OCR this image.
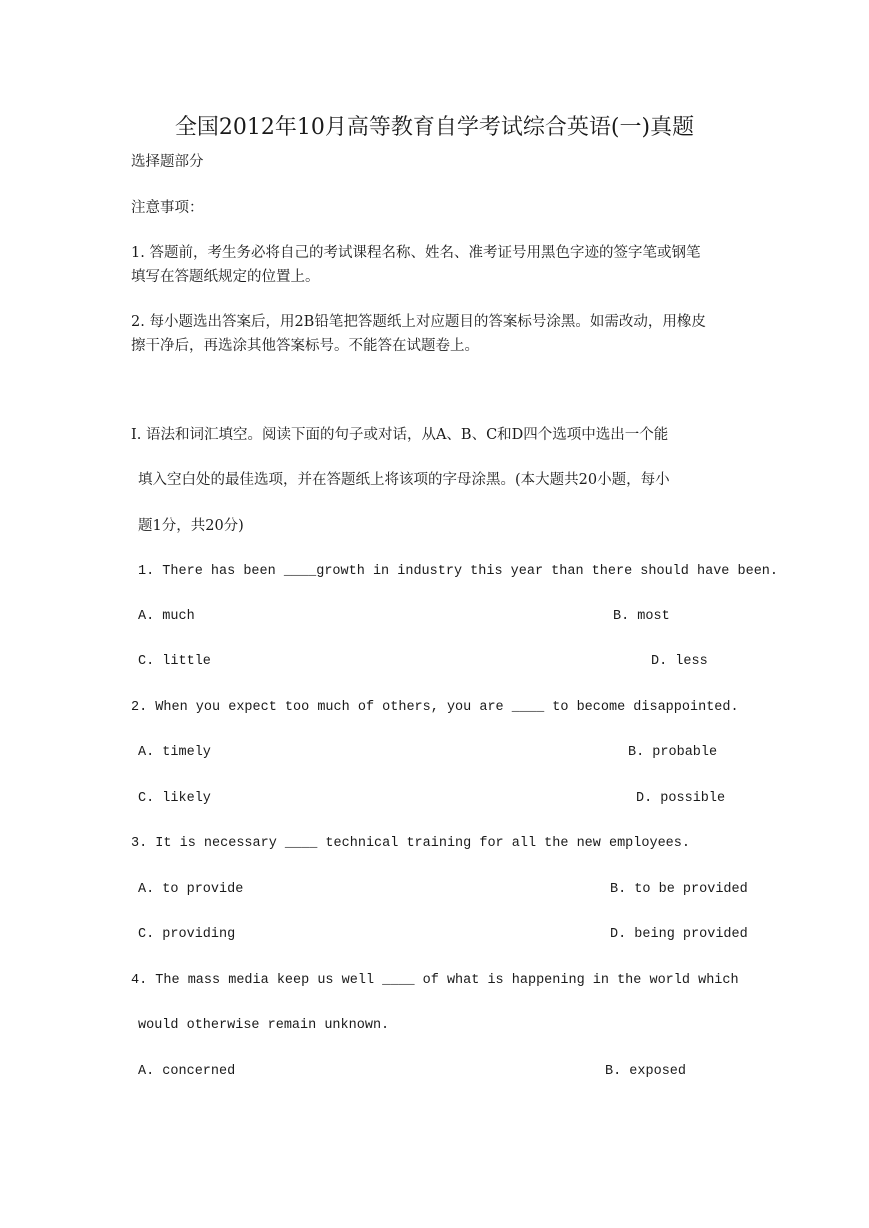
全国2012年10月高等教育自学考试综合英语(一)真题
选择题部分
注意事项：
1. 答题前，考生务必将自己的考试课程名称、姓名、准考证号用黑色字迹的签字笔或钢笔
填写在答题纸规定的位置上。
2. 每小题选出答案后，用2B铅笔把答题纸上对应题目的答案标号涂黑。如需改动，用橡皮
擦干净后，再选涂其他答案标号。不能答在试题卷上。
I. 语法和词汇填空。阅读下面的句子或对话，从A、B、C和D四个选项中选出一个能
填入空白处的最佳选项，并在答题纸上将该项的字母涂黑。(本大题共20小题，每小
题1分，共20分)
1. There has been ____growth in industry this year than there should have been.
A. much	B. most
C. little	D. less
2. When you expect too much of others, you are ____ to become disappointed.
A. timely	B. probable
C. likely	D. possible
3. It is necessary ____ technical training for all the new employees.
A. to provide	B. to be provided
C. providing	D. being provided
4. The mass media keep us well ____ of what is happening in the world which
would otherwise remain unknown.
A. concerned	B. exposed
